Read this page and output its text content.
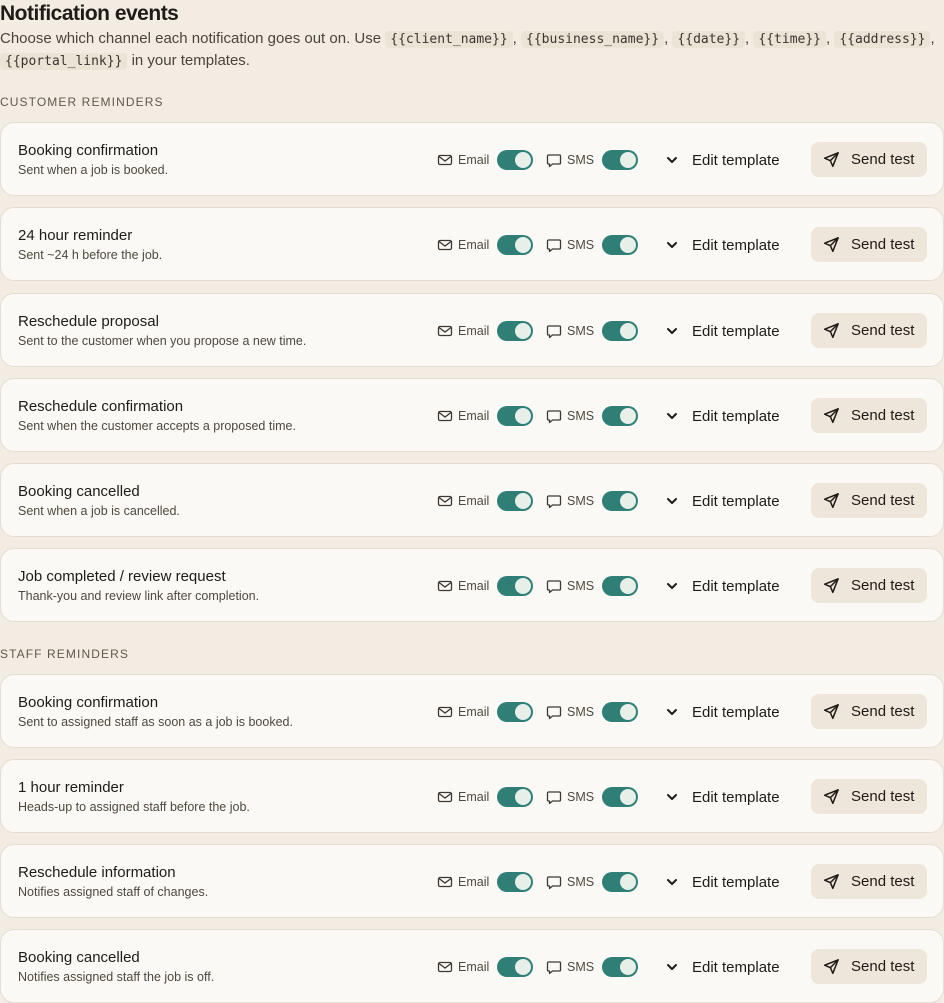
Notification events

Choose which channel each notification goes out on. Use {{client_name}} , {{business_name}} , {{date}} , {{time}} , {{address}} , {{portal_link}} in your templates.

CUSTOMER REMINDERS
STAFF REMINDERS
Booking confirmation
Sent when a job is booked.
Email	SMS	Edit template	Send test
24 hour reminder
Sent ~24 h before the job.
Email	SMS	Edit template	Send test
Reschedule proposal
Sent to the customer when you propose a new time.
Email	SMS	Edit template	Send test
Reschedule confirmation
Sent when the customer accepts a proposed time.
Email	SMS	Edit template	Send test
Booking cancelled
Sent when a job is cancelled.
Email	SMS	Edit template	Send test
Job completed / review request
Thank-you and review link after completion.
Email	SMS	Edit template	Send test
Booking confirmation
Sent to assigned staff as soon as a job is booked.
Email	SMS	Edit template	Send test
1 hour reminder
Heads-up to assigned staff before the job.
Email	SMS	Edit template	Send test
Reschedule information
Notifies assigned staff of changes.
Email	SMS	Edit template	Send test
Booking cancelled
Notifies assigned staff the job is off.
Email	SMS	Edit template	Send test
